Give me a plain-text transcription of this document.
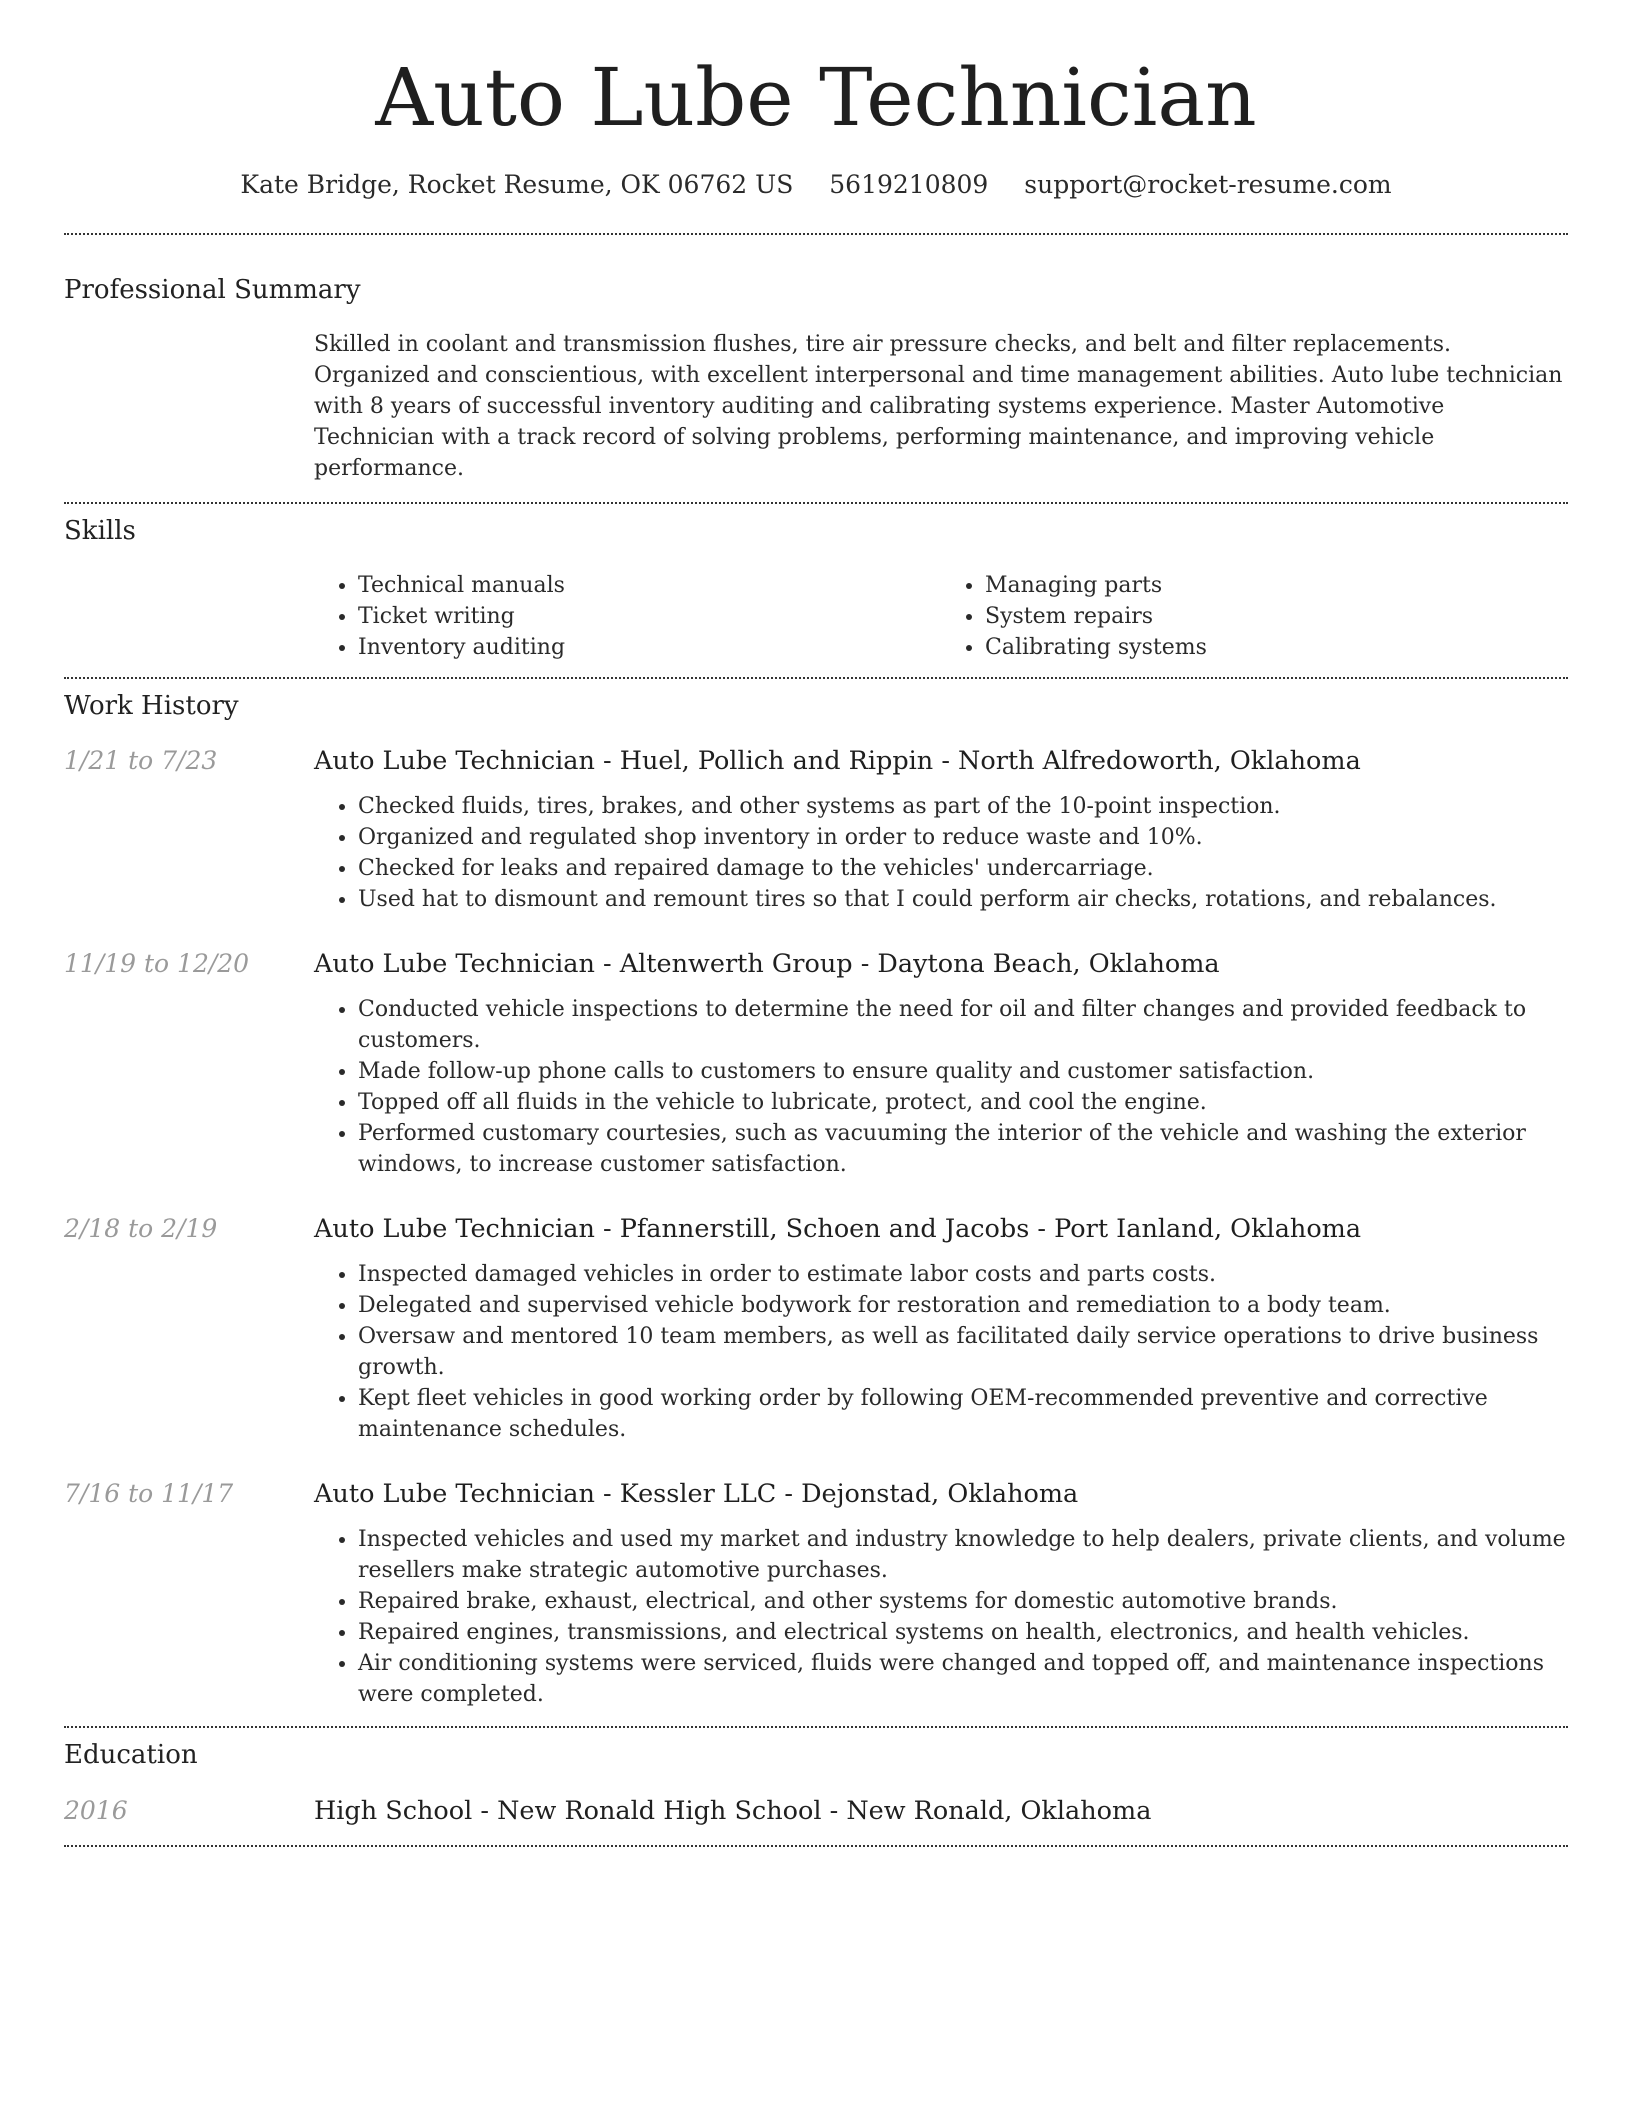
Auto Lube Technician
Kate Bridge, Rocket Resume, OK 06762 US 5619210809 support@rocket-resume.com
Professional Summary
Skilled in coolant and transmission flushes, tire air pressure checks, and belt and filter replacements. Organized and conscientious, with excellent interpersonal and time management abilities. Auto lube technician with 8 years of successful inventory auditing and calibrating systems experience. Master Automotive Technician with a track record of solving problems, performing maintenance, and improving vehicle performance.
Skills
• Technical manuals
• Ticket writing
• Inventory auditing
• Managing parts
• System repairs
• Calibrating systems
Work History
1/21 to 7/23	Auto Lube Technician - Huel, Pollich and Rippin - North Alfredoworth, Oklahoma
• Checked fluids, tires, brakes, and other systems as part of the 10-point inspection.
• Organized and regulated shop inventory in order to reduce waste and 10%.
• Checked for leaks and repaired damage to the vehicles' undercarriage.
• Used hat to dismount and remount tires so that I could perform air checks, rotations, and rebalances.
11/19 to 12/20	Auto Lube Technician - Altenwerth Group - Daytona Beach, Oklahoma
• Conducted vehicle inspections to determine the need for oil and filter changes and provided feedback to customers.
• Made follow-up phone calls to customers to ensure quality and customer satisfaction.
• Topped off all fluids in the vehicle to lubricate, protect, and cool the engine.
• Performed customary courtesies, such as vacuuming the interior of the vehicle and washing the exterior windows, to increase customer satisfaction.
2/18 to 2/19	Auto Lube Technician - Pfannerstill, Schoen and Jacobs - Port Ianland, Oklahoma
• Inspected damaged vehicles in order to estimate labor costs and parts costs.
• Delegated and supervised vehicle bodywork for restoration and remediation to a body team.
• Oversaw and mentored 10 team members, as well as facilitated daily service operations to drive business growth.
• Kept fleet vehicles in good working order by following OEM-recommended preventive and corrective maintenance schedules.
7/16 to 11/17	Auto Lube Technician - Kessler LLC - Dejonstad, Oklahoma
• Inspected vehicles and used my market and industry knowledge to help dealers, private clients, and volume resellers make strategic automotive purchases.
• Repaired brake, exhaust, electrical, and other systems for domestic automotive brands.
• Repaired engines, transmissions, and electrical systems on health, electronics, and health vehicles.
• Air conditioning systems were serviced, fluids were changed and topped off, and maintenance inspections were completed.
Education
2016	High School - New Ronald High School - New Ronald, Oklahoma
